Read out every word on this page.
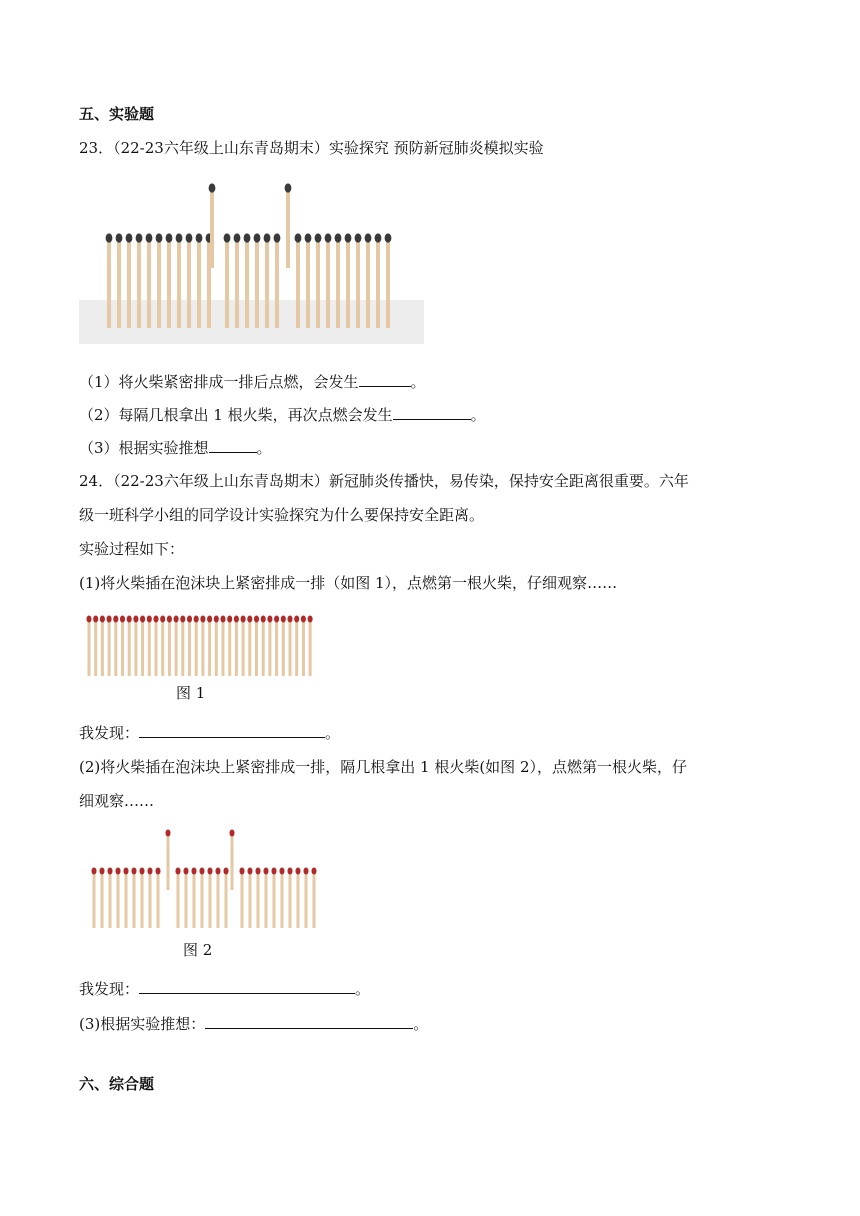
五、实验题
23．（22-23六年级上山东青岛期末）实验探究 预防新冠肺炎模拟实验
（1）将火柴紧密排成一排后点燃，会发生	。
（2）每隔几根拿出 1 根火柴，再次点燃会发生	。
（3）根据实验推想	。
24．（22-23六年级上山东青岛期末）新冠肺炎传播快，易传染，保持安全距离很重要。六年
级一班科学小组的同学设计实验探究为什么要保持安全距离。
实验过程如下：
(1)将火柴插在泡沫块上紧密排成一排（如图 1），点燃第一根火柴，仔细观察……
图 1
我发现：	。
(2)将火柴插在泡沫块上紧密排成一排，隔几根拿出 1 根火柴(如图 2），点燃第一根火柴，仔
细观察……
图 2
我发现：	。
(3)根据实验推想：	。
六、综合题
